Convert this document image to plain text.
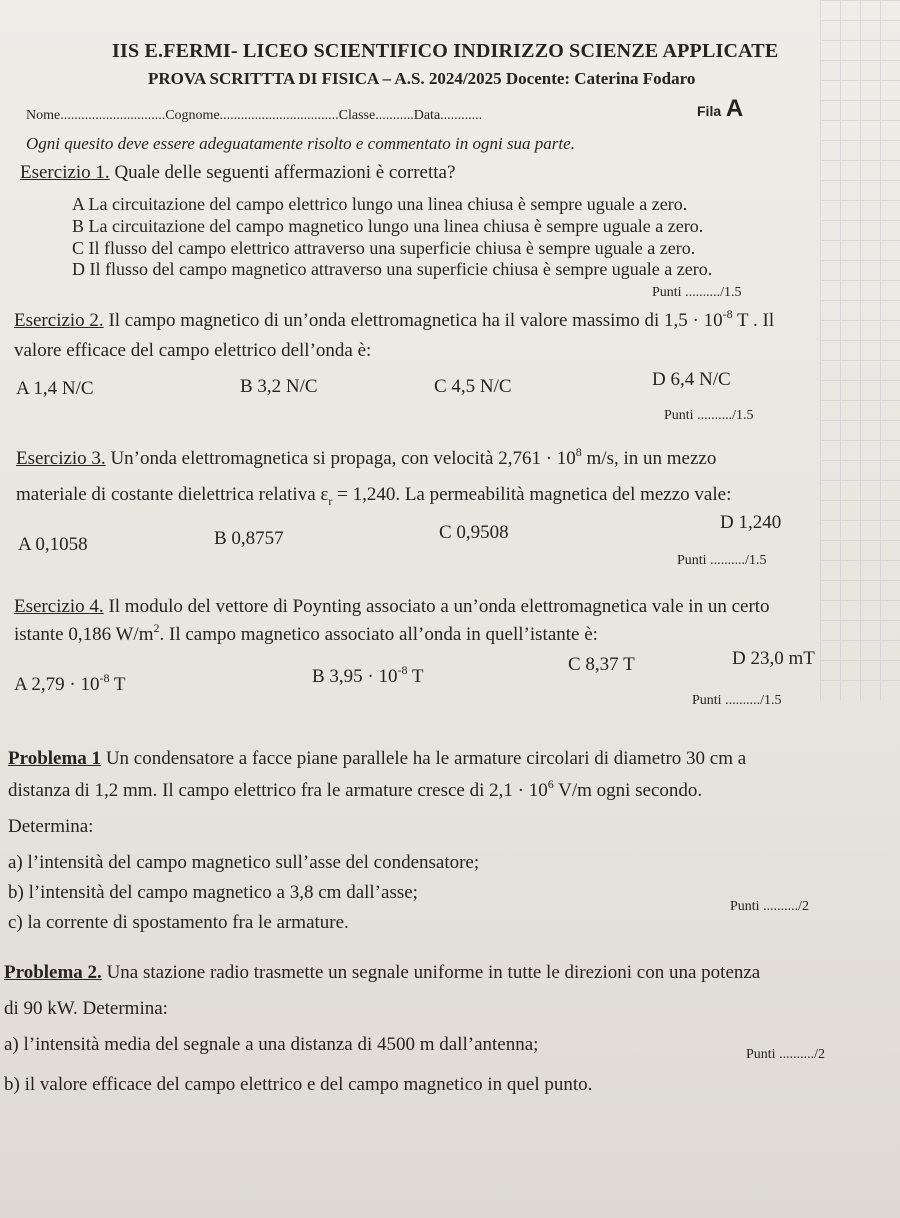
IIS E.FERMI- LICEO SCIENTIFICO INDIRIZZO SCIENZE APPLICATE
PROVA SCRITTTA DI FISICA – A.S. 2024/2025 Docente: Caterina Fodaro
Nome..............................Cognome..................................Classe...........Data............	Fila A
Ogni quesito deve essere adeguatamente risolto e commentato in ogni sua parte.
Esercizio 1. Quale delle seguenti affermazioni è corretta?
A La circuitazione del campo elettrico lungo una linea chiusa è sempre uguale a zero.
B La circuitazione del campo magnetico lungo una linea chiusa è sempre uguale a zero.
C Il flusso del campo elettrico attraverso una superficie chiusa è sempre uguale a zero.
D Il flusso del campo magnetico attraverso una superficie chiusa è sempre uguale a zero.
Punti ........../1.5
Esercizio 2. Il campo magnetico di un’onda elettromagnetica ha il valore massimo di $1,5 \cdot 10^{-8}$ T . Il
valore efficace del campo elettrico dell’onda è:
A 1,4 N/C	B 3,2 N/C	C 4,5 N/C	D 6,4 N/C
Punti ........../1.5
Esercizio 3. Un’onda elettromagnetica si propaga, con velocità $2,761 \cdot 10^8$ m/s, in un mezzo
materiale di costante dielettrica relativa $\varepsilon_r = 1,240$. La permeabilità magnetica del mezzo vale:
A 0,1058	B 0,8757	C 0,9508	D 1,240
Punti ........../1.5
Esercizio 4. Il modulo del vettore di Poynting associato a un’onda elettromagnetica vale in un certo
istante 0,186 $W/m^2$. Il campo magnetico associato all’onda in quell’istante è:
A $2,79 \cdot 10^{-8}$ T	B $3,95 \cdot 10^{-8}$ T
C 8,37 T	D 23,0 mT
Punti ........../1.5
Problema 1 Un condensatore a facce piane parallele ha le armature circolari di diametro 30 cm a
distanza di 1,2 mm. Il campo elettrico fra le armature cresce di $2,1 \cdot 10^6$ V/m ogni secondo.
Determina:
a) l’intensità del campo magnetico sull’asse del condensatore;
b) l’intensità del campo magnetico a 3,8 cm dall’asse;
c) la corrente di spostamento fra le armature.
Punti ........../2
Problema 2. Una stazione radio trasmette un segnale uniforme in tutte le direzioni con una potenza
di 90 kW. Determina:
a) l’intensità media del segnale a una distanza di 4500 m dall’antenna;	Punti ........../2
b) il valore efficace del campo elettrico e del campo magnetico in quel punto.
